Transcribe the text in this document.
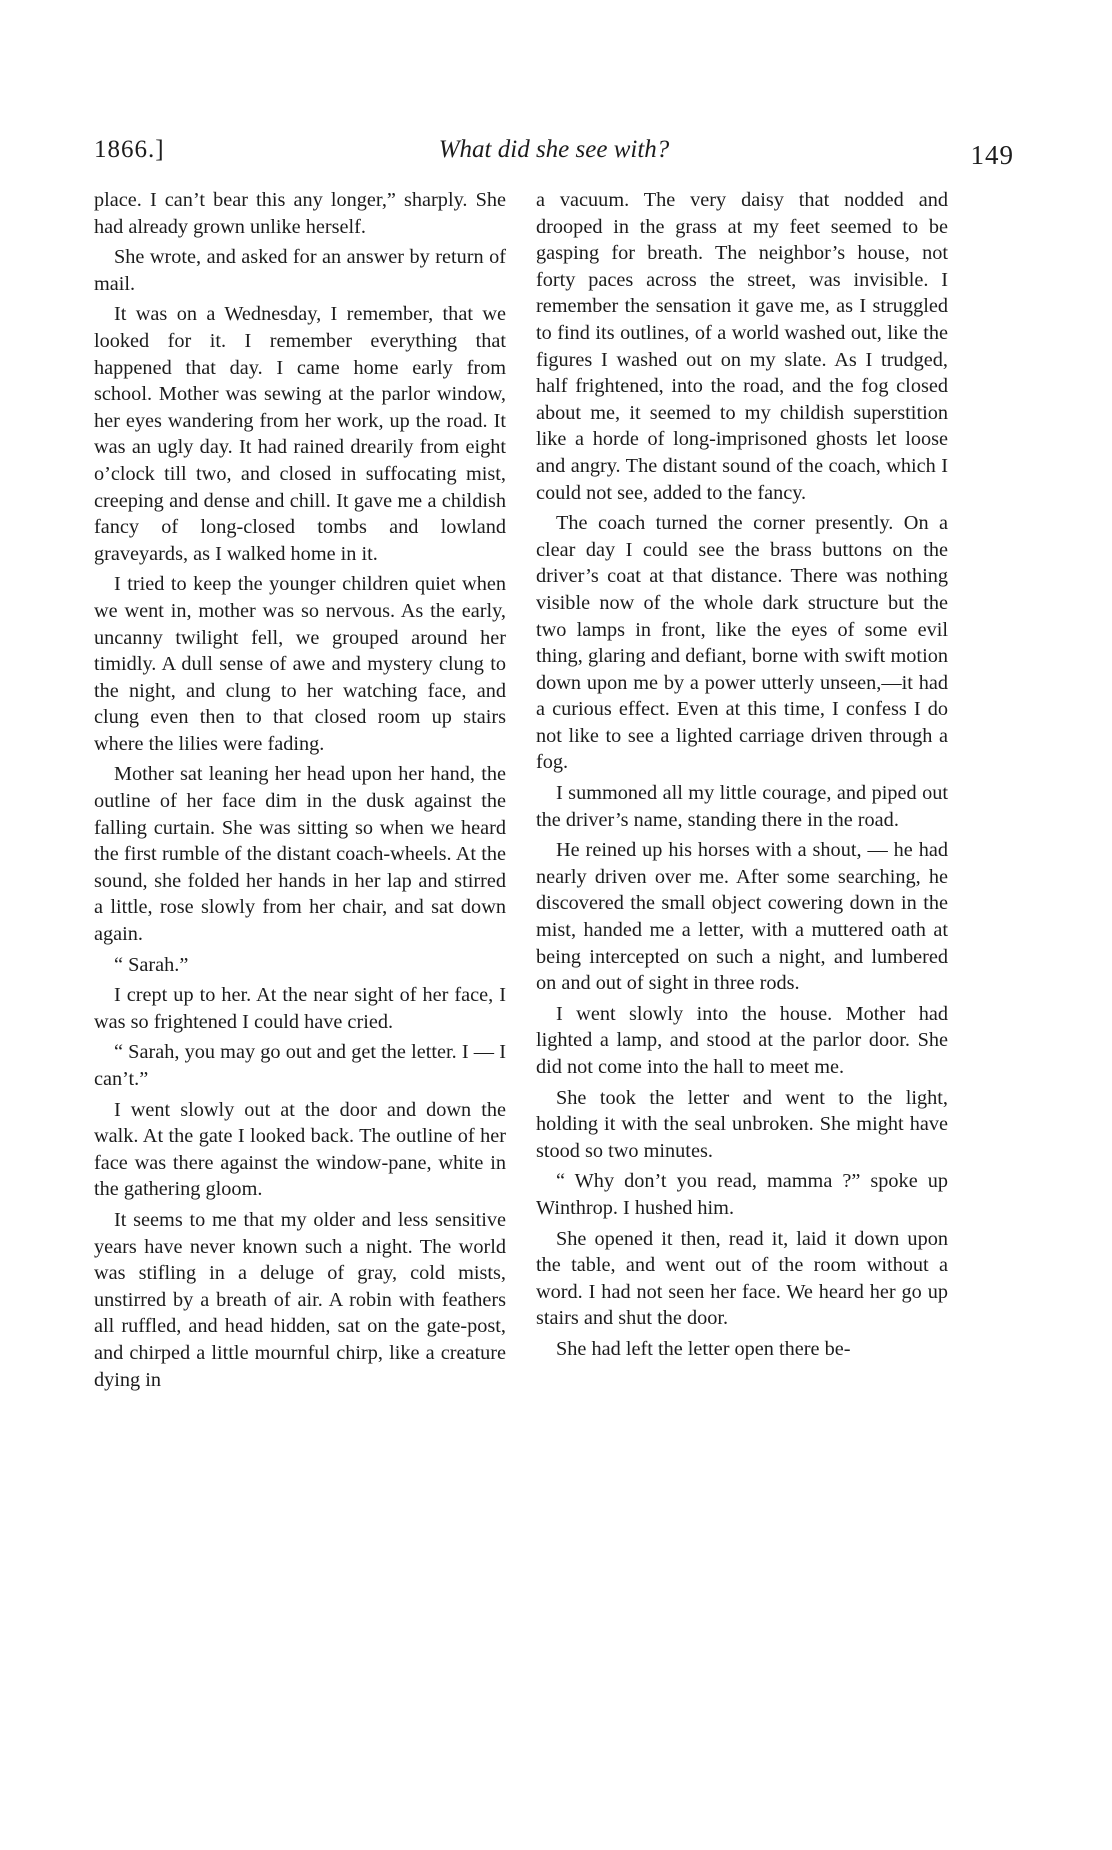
1866.]	What did she see with?	149

place. I can’t bear this any longer,” sharply. She had already grown unlike herself.

She wrote, and asked for an answer by return of mail.

It was on a Wednesday, I remember, that we looked for it. I remember everything that happened that day. I came home early from school. Mother was sewing at the parlor window, her eyes wandering from her work, up the road. It was an ugly day. It had rained drearily from eight o’clock till two, and closed in suffocating mist, creeping and dense and chill. It gave me a childish fancy of long-closed tombs and lowland graveyards, as I walked home in it.

I tried to keep the younger children quiet when we went in, mother was so nervous. As the early, uncanny twilight fell, we grouped around her timidly. A dull sense of awe and mystery clung to the night, and clung to her watching face, and clung even then to that closed room up stairs where the lilies were fading.

Mother sat leaning her head upon her hand, the outline of her face dim in the dusk against the falling curtain. She was sitting so when we heard the first rumble of the distant coach-wheels. At the sound, she folded her hands in her lap and stirred a little, rose slowly from her chair, and sat down again.

“ Sarah.”

I crept up to her. At the near sight of her face, I was so frightened I could have cried.

“ Sarah, you may go out and get the letter. I — I can’t.”

I went slowly out at the door and down the walk. At the gate I looked back. The outline of her face was there against the window-pane, white in the gathering gloom.

It seems to me that my older and less sensitive years have never known such a night. The world was stifling in a deluge of gray, cold mists, unstirred by a breath of air. A robin with feathers all ruffled, and head hidden, sat on the gate-post, and chirped a little mournful chirp, like a creature dying in

a vacuum. The very daisy that nodded and drooped in the grass at my feet seemed to be gasping for breath. The neighbor’s house, not forty paces across the street, was invisible. I remember the sensation it gave me, as I struggled to find its outlines, of a world washed out, like the figures I washed out on my slate. As I trudged, half frightened, into the road, and the fog closed about me, it seemed to my childish superstition like a horde of long-imprisoned ghosts let loose and angry. The distant sound of the coach, which I could not see, added to the fancy.

The coach turned the corner presently. On a clear day I could see the brass buttons on the driver’s coat at that distance. There was nothing visible now of the whole dark structure but the two lamps in front, like the eyes of some evil thing, glaring and defiant, borne with swift motion down upon me by a power utterly unseen,—it had a curious effect. Even at this time, I confess I do not like to see a lighted carriage driven through a fog.

I summoned all my little courage, and piped out the driver’s name, standing there in the road.

He reined up his horses with a shout, — he had nearly driven over me. After some searching, he discovered the small object cowering down in the mist, handed me a letter, with a muttered oath at being intercepted on such a night, and lumbered on and out of sight in three rods.

I went slowly into the house. Mother had lighted a lamp, and stood at the parlor door. She did not come into the hall to meet me.

She took the letter and went to the light, holding it with the seal unbroken. She might have stood so two minutes.

“ Why don’t you read, mamma ?” spoke up Winthrop. I hushed him.

She opened it then, read it, laid it down upon the table, and went out of the room without a word. I had not seen her face. We heard her go up stairs and shut the door.

She had left the letter open there be-
